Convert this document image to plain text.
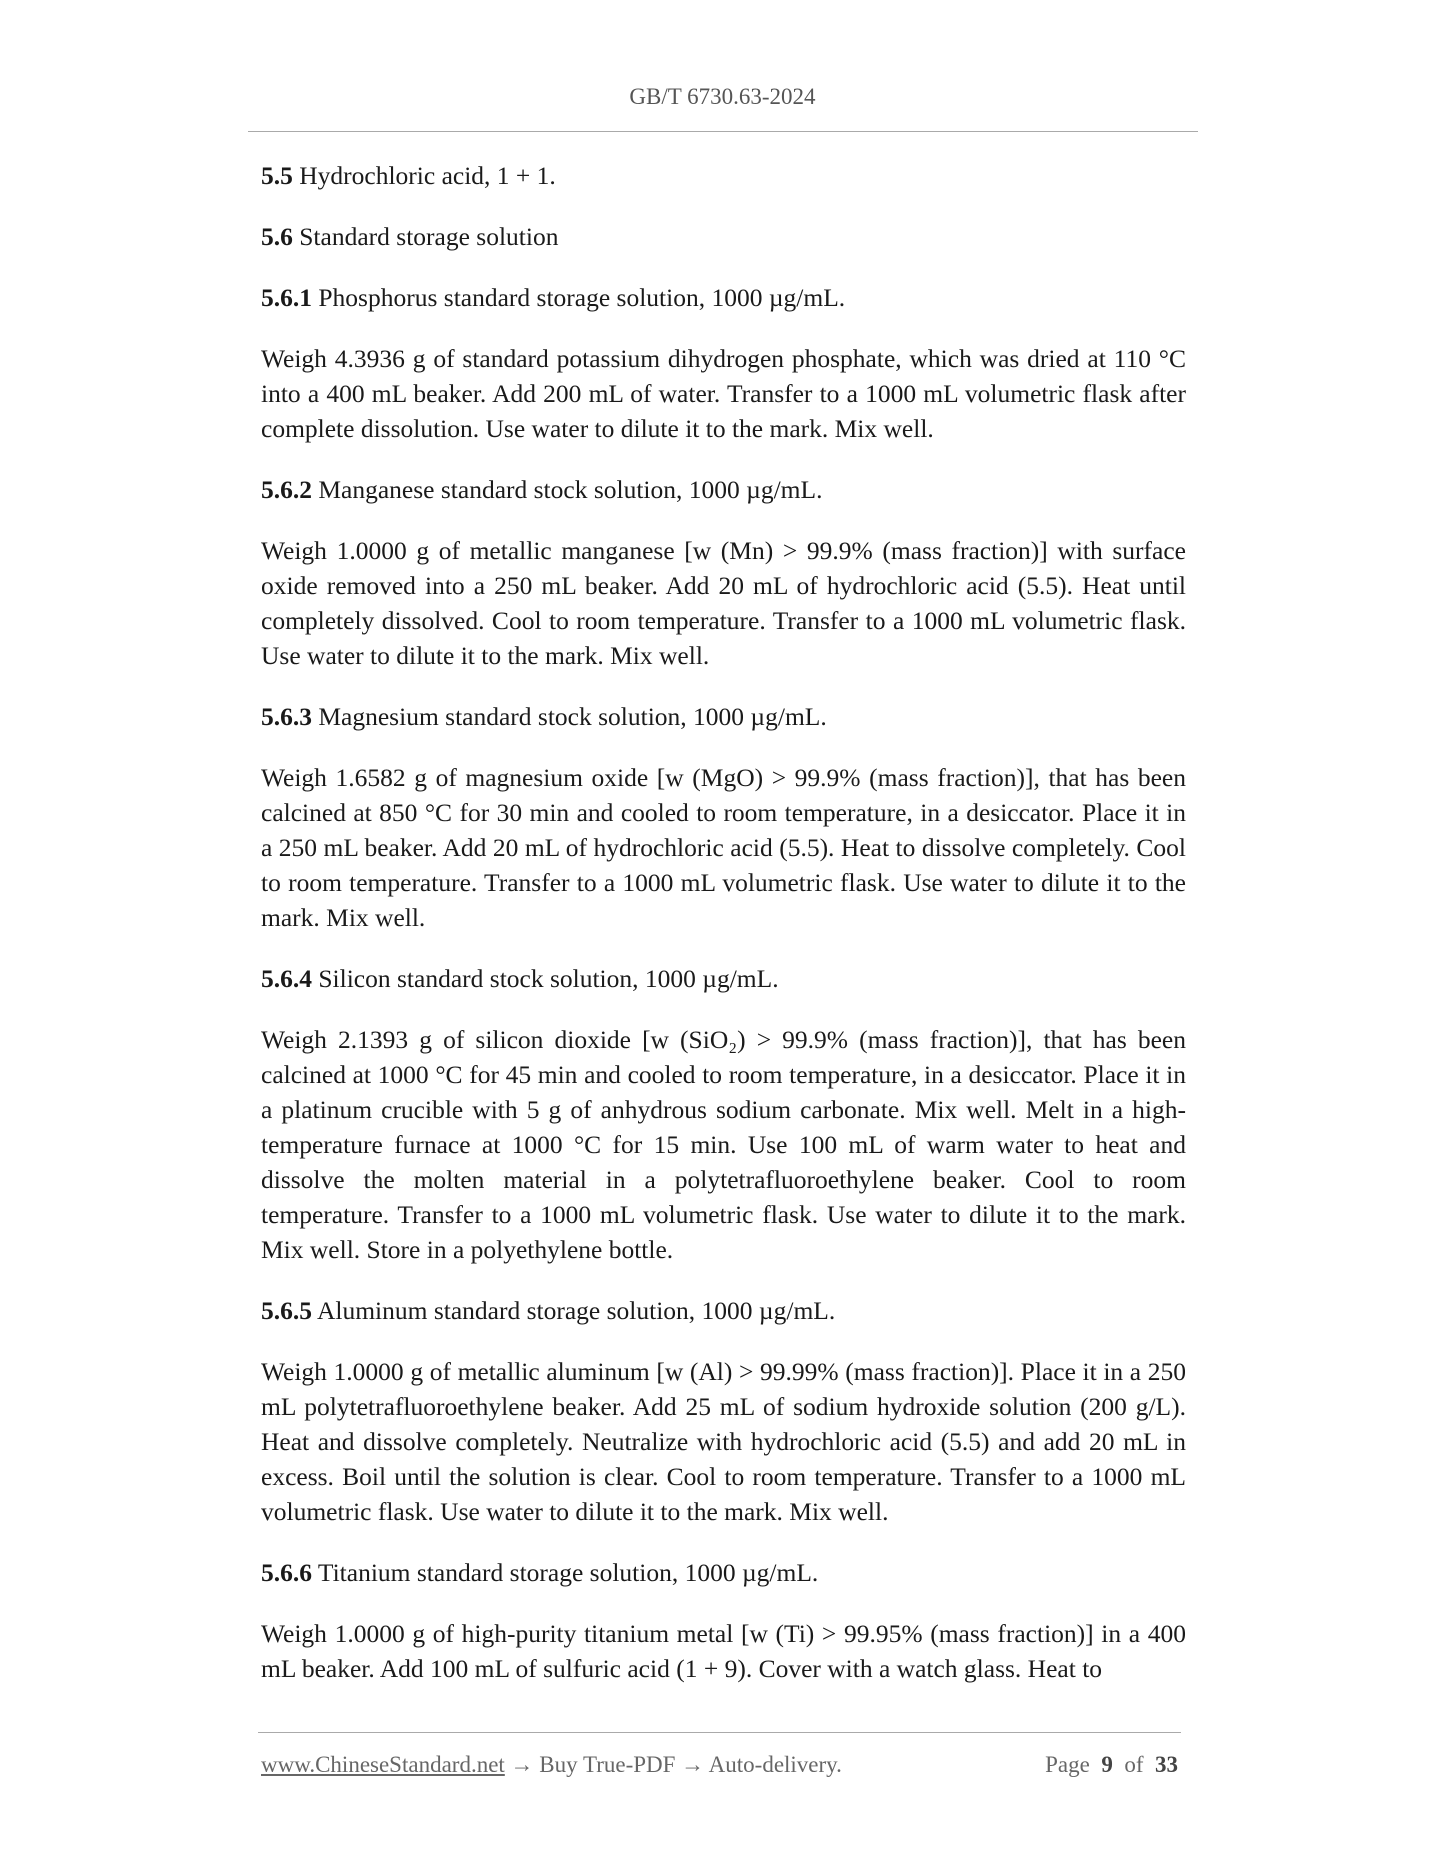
GB/T 6730.63-2024

5.5 Hydrochloric acid, 1 + 1.

5.6 Standard storage solution

5.6.1 Phosphorus standard storage solution, 1000 µg/mL.

Weigh 4.3936 g of standard potassium dihydrogen phosphate, which was dried at 110 °C into a 400 mL beaker. Add 200 mL of water. Transfer to a 1000 mL volumetric flask after complete dissolution. Use water to dilute it to the mark. Mix well.

5.6.2 Manganese standard stock solution, 1000 µg/mL.

Weigh 1.0000 g of metallic manganese [w (Mn) > 99.9% (mass fraction)] with surface oxide removed into a 250 mL beaker. Add 20 mL of hydrochloric acid (5.5). Heat until completely dissolved. Cool to room temperature. Transfer to a 1000 mL volumetric flask. Use water to dilute it to the mark. Mix well.

5.6.3 Magnesium standard stock solution, 1000 µg/mL.

Weigh 1.6582 g of magnesium oxide [w (MgO) > 99.9% (mass fraction)], that has been calcined at 850 °C for 30 min and cooled to room temperature, in a desiccator. Place it in a 250 mL beaker. Add 20 mL of hydrochloric acid (5.5). Heat to dissolve completely. Cool to room temperature. Transfer to a 1000 mL volumetric flask. Use water to dilute it to the mark. Mix well.

5.6.4 Silicon standard stock solution, 1000 µg/mL.

Weigh 2.1393 g of silicon dioxide [w (SiO₂) > 99.9% (mass fraction)], that has been calcined at 1000 °C for 45 min and cooled to room temperature, in a desiccator. Place it in a platinum crucible with 5 g of anhydrous sodium carbonate. Mix well. Melt in a high-temperature furnace at 1000 °C for 15 min. Use 100 mL of warm water to heat and dissolve the molten material in a polytetrafluoroethylene beaker. Cool to room temperature. Transfer to a 1000 mL volumetric flask. Use water to dilute it to the mark. Mix well. Store in a polyethylene bottle.

5.6.5 Aluminum standard storage solution, 1000 µg/mL.

Weigh 1.0000 g of metallic aluminum [w (Al) > 99.99% (mass fraction)]. Place it in a 250 mL polytetrafluoroethylene beaker. Add 25 mL of sodium hydroxide solution (200 g/L). Heat and dissolve completely. Neutralize with hydrochloric acid (5.5) and add 20 mL in excess. Boil until the solution is clear. Cool to room temperature. Transfer to a 1000 mL volumetric flask. Use water to dilute it to the mark. Mix well.

5.6.6 Titanium standard storage solution, 1000 µg/mL.

Weigh 1.0000 g of high-purity titanium metal [w (Ti) > 99.95% (mass fraction)] in a 400 mL beaker. Add 100 mL of sulfuric acid (1 + 9). Cover with a watch glass. Heat to

www.ChineseStandard.net → Buy True-PDF → Auto-delivery.	Page 9 of 33
